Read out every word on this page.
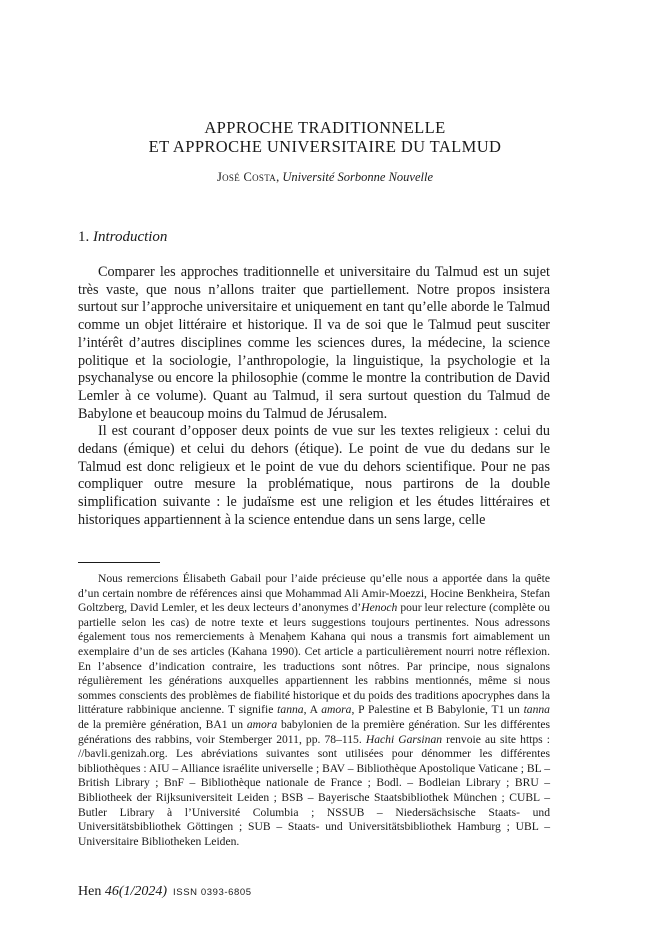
APPROCHE TRADITIONNELLE
ET APPROCHE UNIVERSITAIRE DU TALMUD
José Costa, Université Sorbonne Nouvelle
1. Introduction

Comparer les approches traditionnelle et universitaire du Talmud est un sujet très vaste, que nous n’allons traiter que partiellement. Notre propos insistera surtout sur l’approche universitaire et uniquement en tant qu’elle aborde le Talmud comme un objet littéraire et historique. Il va de soi que le Talmud peut susciter l’intérêt d’autres disciplines comme les sciences dures, la médecine, la science politique et la sociologie, l’anthropologie, la linguistique, la psychologie et la psychanalyse ou encore la philosophie (comme le montre la contribution de David Lemler à ce volume). Quant au Talmud, il sera surtout question du Talmud de Babylone et beaucoup moins du Talmud de Jérusalem.

Il est courant d’opposer deux points de vue sur les textes religieux : celui du dedans (émique) et celui du dehors (étique). Le point de vue du dedans sur le Talmud est donc religieux et le point de vue du dehors scientifique. Pour ne pas compliquer outre mesure la problématique, nous partirons de la double simplification suivante : le judaïsme est une religion et les études littéraires et historiques appartiennent à la science entendue dans un sens large, celle

Nous remercions Élisabeth Gabail pour l’aide précieuse qu’elle nous a apportée dans la quête d’un certain nombre de références ainsi que Mohammad Ali Amir-Moezzi, Hocine Benkheira, Stefan Goltzberg, David Lemler, et les deux lecteurs d’anonymes d’Henoch pour leur relecture (complète ou partielle selon les cas) de notre texte et leurs suggestions toujours pertinentes. Nous adressons également tous nos remerciements à Menaḥem Kahana qui nous a transmis fort aimablement un exemplaire d’un de ses articles (Kahana 1990). Cet article a particulièrement nourri notre réflexion. En l’absence d’indication contraire, les traductions sont nôtres. Par principe, nous signalons régulièrement les générations auxquelles appartiennent les rabbins mentionnés, même si nous sommes conscients des problèmes de fiabilité historique et du poids des traditions apocryphes dans la littérature rabbinique ancienne. T signifie tanna, A amora, P Palestine et B Babylonie, T1 un tanna de la première génération, BA1 un amora babylonien de la première génération. Sur les différentes générations des rabbins, voir Stemberger 2011, pp. 78–115. Hachi Garsinan renvoie au site https : //bavli.genizah.org. Les abréviations suivantes sont utilisées pour dénommer les différentes bibliothèques : AIU – Alliance israélite universelle ; BAV – Bibliothèque Apostolique Vaticane ; BL – British Library ; BnF – Bibliothèque nationale de France ; Bodl. – Bodleian Library ; BRU – Bibliotheek der Rijksuniversiteit Leiden ; BSB – Bayerische Staatsbibliothek München ; CUBL – Butler Library à l’Université Columbia ; NSSUB – Niedersächsische Staats- und Universitätsbibliothek Göttingen ; SUB – Staats- und Universitätsbibliothek Hamburg ; UBL – Universitaire Bibliotheken Leiden.

Hen 46(1/2024) ISSN 0393-6805
